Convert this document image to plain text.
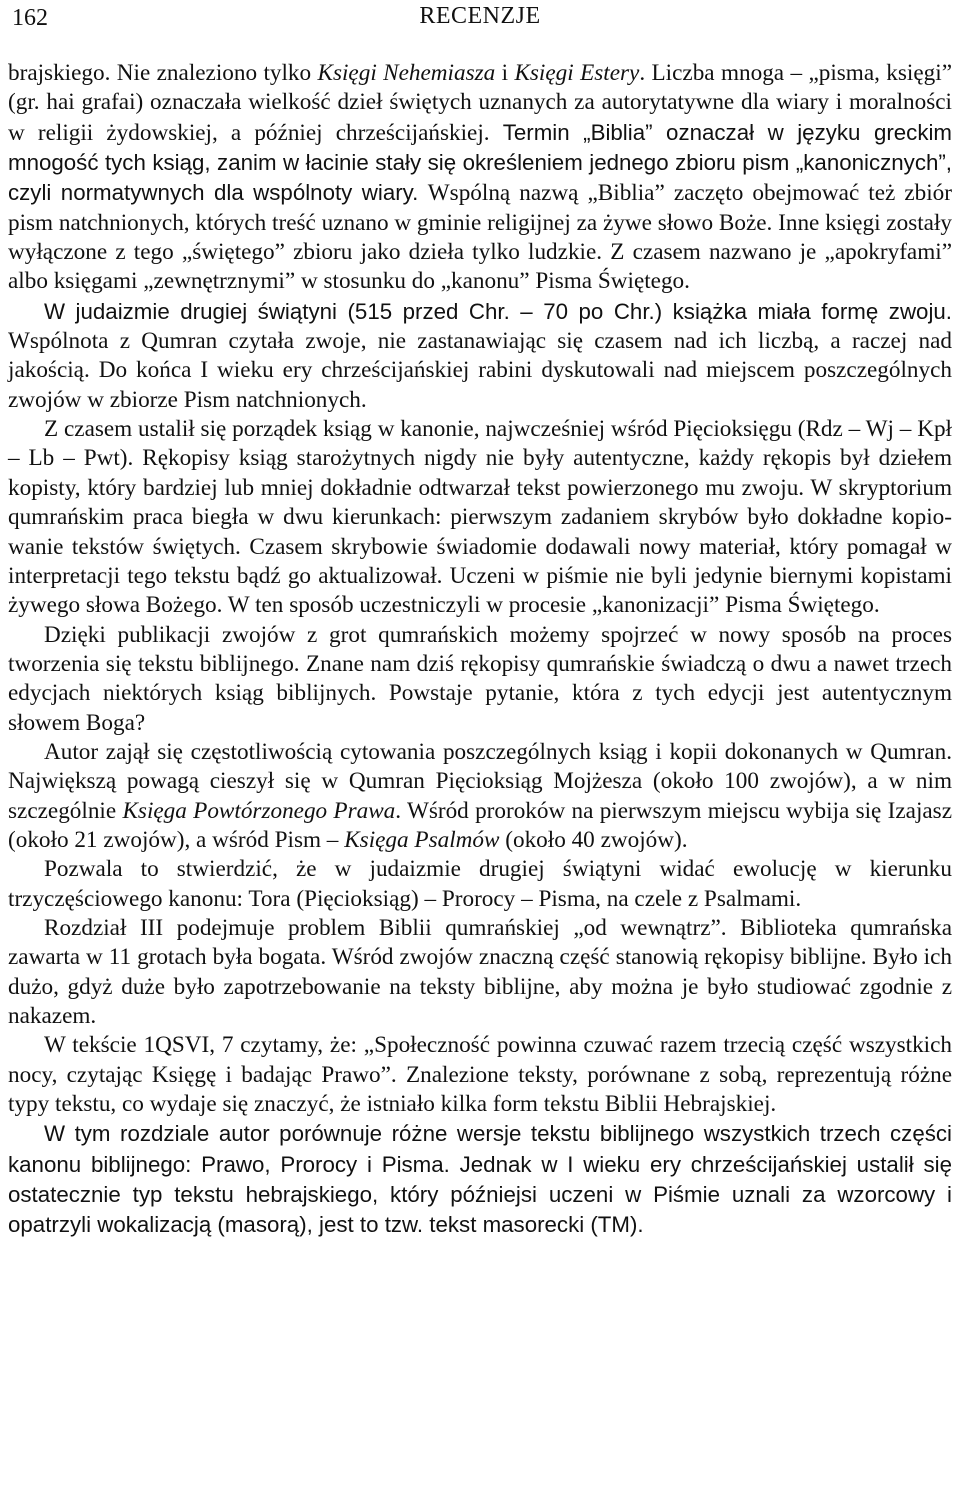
162	RECENZJE

brajskiego. Nie znaleziono tylko Księgi Nehemiasza i Księgi Estery. Liczba mnoga – „pisma, księgi” (gr. hai grafai) oznaczała wielkość dzieł świętych uznanych za autorytatywne dla wiary i moralności w religii żydowskiej, a później chrześcijańskiej. Termin „Biblia” oznaczał w języku greckim mnogość tych ksiąg, zanim w łacinie stały się określeniem jednego zbioru pism „kanonicznych”, czyli normatywnych dla wspólnoty wiary. Wspólną nazwą „Biblia” zaczęto obejmować też zbiór pism natchnionych, których treść uznano w gminie religijnej za żywe słowo Boże. Inne księgi zostały wyłączone z tego „świętego” zbioru jako dzieła tylko ludzkie. Z czasem nazwano je „apokryfami” albo księgami „zewnętrznymi” w stosunku do „kanonu” Pisma Świętego.

W judaizmie drugiej świątyni (515 przed Chr. – 70 po Chr.) książka miała formę zwoju. Wspólnota z Qumran czytała zwoje, nie zastanawiając się czasem nad ich liczbą, a raczej nad jakością. Do końca I wieku ery chrześcijańskiej rabini dyskutowali nad miejscem poszczególnych zwojów w zbiorze Pism natchnionych.

Z czasem ustalił się porządek ksiąg w kanonie, najwcześniej wśród Pięcioksięgu (Rdz – Wj – Kpł – Lb – Pwt). Rękopisy ksiąg starożytnych nigdy nie były autentyczne, każdy rękopis był dziełem kopisty, który bardziej lub mniej dokładnie odtwarzał tekst powierzonego mu zwoju. W skryptorium qumrańskim praca biegła w dwu kierunkach: pierwszym zadaniem skrybów było dokładne kopiowanie tekstów świętych. Czasem skrybowie świadomie dodawali nowy materiał, który pomagał w interpretacji tego tekstu bądź go aktualizował. Uczeni w piśmie nie byli jedynie biernymi kopistami żywego słowa Bożego. W ten sposób uczestniczyli w procesie „kanonizacji” Pisma Świętego.

Dzięki publikacji zwojów z grot qumrańskich możemy spojrzeć w nowy sposób na proces tworzenia się tekstu biblijnego. Znane nam dziś rękopisy qumrańskie świadczą o dwu a nawet trzech edycjach niektórych ksiąg biblijnych. Powstaje pytanie, która z tych edycji jest autentycznym słowem Boga?

Autor zajął się częstotliwością cytowania poszczególnych ksiąg i kopii dokonanych w Qumran. Największą powagą cieszył się w Qumran Pięcioksiąg Mojżesza (około 100 zwojów), a w nim szczególnie Księga Powtórzonego Prawa. Wśród proroków na pierwszym miejscu wybija się Izajasz (około 21 zwojów), a wśród Pism – Księga Psalmów (około 40 zwojów).

Pozwala to stwierdzić, że w judaizmie drugiej świątyni widać ewolucję w kierunku trzyczęściowego kanonu: Tora (Pięcioksiąg) – Prorocy – Pisma, na czele z Psalmami.

Rozdział III podejmuje problem Biblii qumrańskiej „od wewnątrz”. Biblioteka qumrańska zawarta w 11 grotach była bogata. Wśród zwojów znaczną część stanowią rękopisy biblijne. Było ich dużo, gdyż duże było zapotrzebowanie na teksty biblijne, aby można je było studiować zgodnie z nakazem.

W tekście 1QSVI, 7 czytamy, że: „Społeczność powinna czuwać razem trzecią część wszystkich nocy, czytając Księgę i badając Prawo”. Znalezione teksty, porównane z sobą, reprezentują różne typy tekstu, co wydaje się znaczyć, że istniało kilka form tekstu Biblii Hebrajskiej.

W tym rozdziale autor porównuje różne wersje tekstu biblijnego wszystkich trzech części kanonu biblijnego: Prawo, Prorocy i Pisma. Jednak w I wieku ery chrześcijańskiej ustalił się ostatecznie typ tekstu hebrajskiego, który późniejsi uczeni w Piśmie uznali za wzorcowy i opatrzyli wokalizacją (masorą), jest to tzw. tekst masorecki (TM).
